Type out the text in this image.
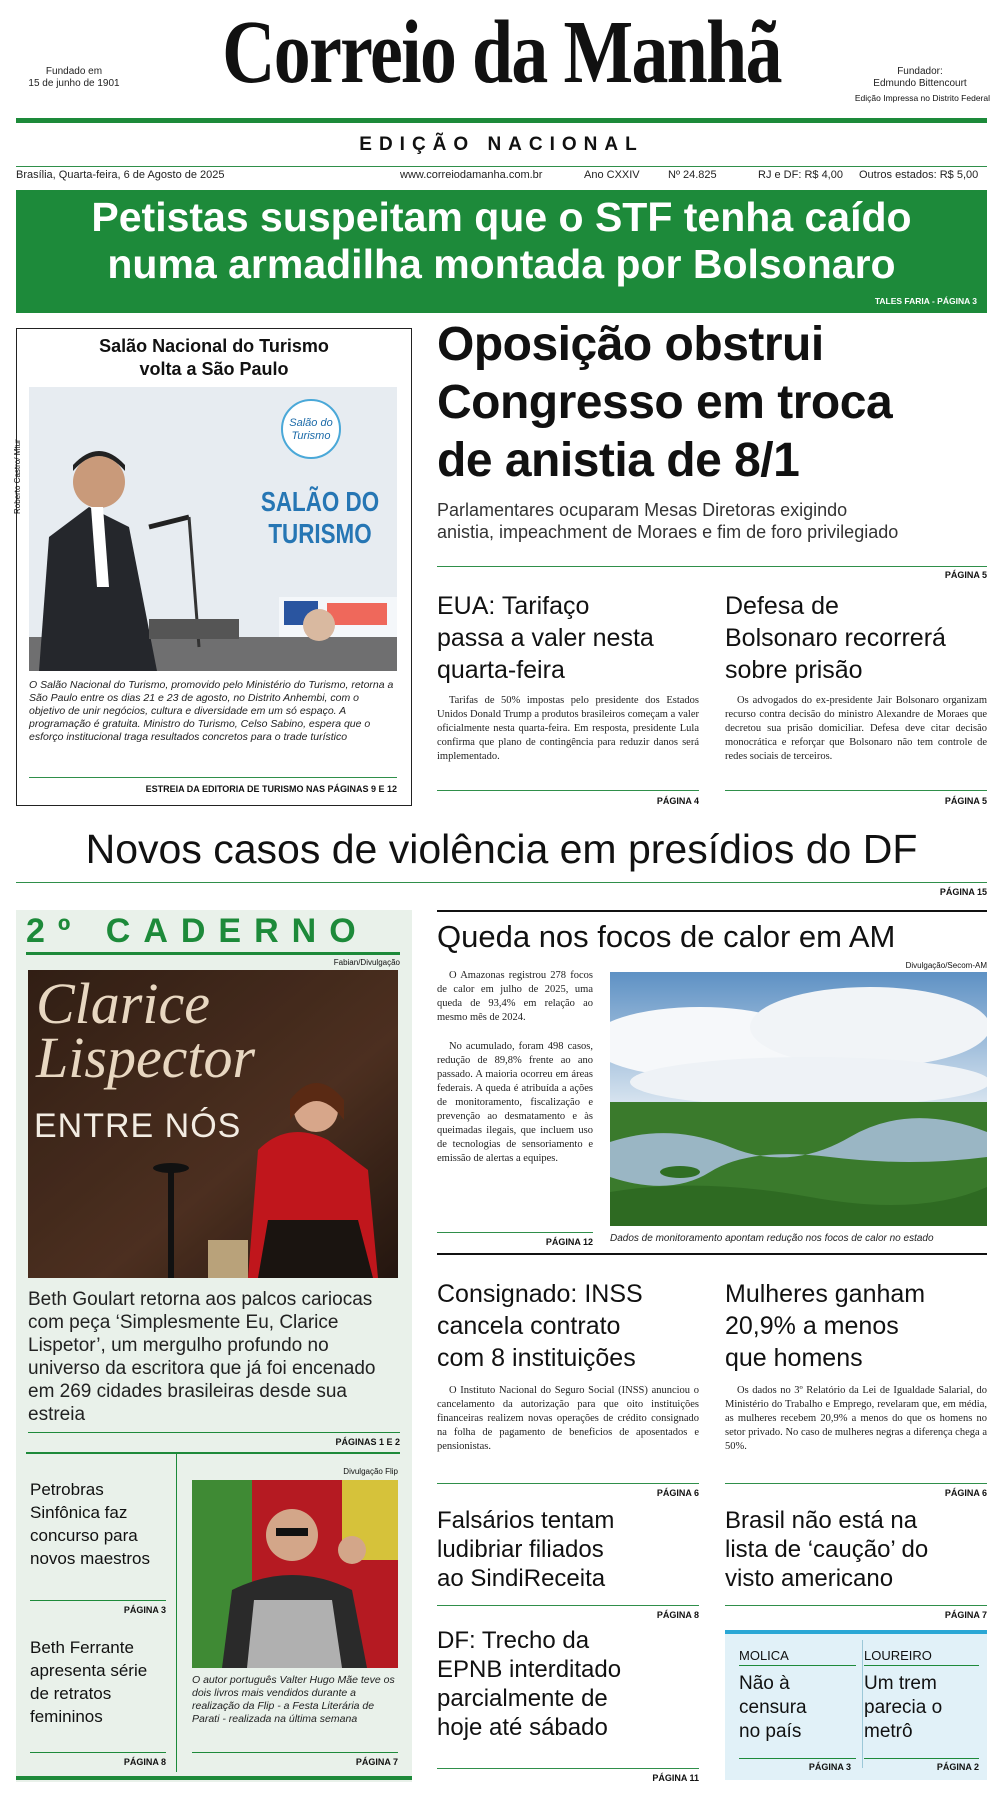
Fundado em
15 de junho de 1901	Correio da Manhã	Fundador:
Edmundo Bittencourt
Edição Impressa no Distrito Federal
EDIÇÃO NACIONAL
Brasília, Quarta-feira, 6 de Agosto de 2025	www.correiodamanha.com.br	Ano CXXIV	Nº 24.825	RJ e DF: R$ 4,00 Outros estados: R$ 5,00
Petistas suspeitam que o STF tenha caído
numa armadilha montada por Bolsonaro
TALES FARIA - PÁGINA 3
Salão Nacional do Turismo
volta a São Paulo
Roberto Castro/ Mtur
Salão do Turismo
SALÃO DO
TURISMO
O Salão Nacional do Turismo, promovido pelo Ministério do Turismo, retorna a São Paulo entre os dias 21 e 23 de agosto, no Distrito Anhembi, com o objetivo de unir negócios, cultura e diversidade em um só espaço. A programação é gratuita. Ministro do Turismo, Celso Sabino, espera que o esforço institucional traga resultados concretos para o trade turístico
ESTREIA DA EDITORIA DE TURISMO NAS PÁGINAS 9 E 12
Oposição obstrui
Congresso em troca
de anistia de 8/1
Parlamentares ocuparam Mesas Diretoras exigindo
anistia, impeachment de Moraes e fim de foro privilegiado
PÁGINA 5
EUA: Tarifaço
passa a valer nesta
quarta-feira
Tarifas de 50% impostas pelo presidente dos Estados Unidos Donald Trump a produtos brasileiros começam a valer oficialmente nesta quarta-feira. Em resposta, presidente Lula confirma que plano de contingência para reduzir danos será implementado.
PÁGINA 4
Defesa de
Bolsonaro recorrerá
sobre prisão
Os advogados do ex-presidente Jair Bolsonaro organizam recurso contra decisão do ministro Alexandre de Moraes que decretou sua prisão domiciliar. Defesa deve citar decisão monocrática e reforçar que Bolsonaro não tem controle de redes sociais de terceiros.
PÁGINA 5
Novos casos de violência em presídios do DF
PÁGINA 15
2º CADERNO
Fabian/Divulgação
Clarice
Lispector
ENTRE NÓS
Beth Goulart retorna aos palcos cariocas com peça ‘Simplesmente Eu, Clarice Lispetor’, um mergulho profundo no universo da escritora que já foi encenado em 269 cidades brasileiras desde sua estreia
PÁGINAS 1 E 2
Petrobras Sinfônica faz concurso para novos maestros
PÁGINA 3
Beth Ferrante apresenta série de retratos femininos
PÁGINA 8
Divulgação Flip
O autor português Valter Hugo Mãe teve os dois livros mais vendidos durante a realização da Flip - a Festa Literária de Parati - realizada na última semana
PÁGINA 7
Queda nos focos de calor em AM
Divulgação/Secom-AM
O Amazonas registrou 278 focos de calor em julho de 2025, uma queda de 93,4% em relação ao mesmo mês de 2024.
No acumulado, foram 498 casos, redução de 89,8% frente ao ano passado. A maioria ocorreu em áreas federais. A queda é atribuída a ações de monitoramento, fiscalização e prevenção ao desmatamento e às queimadas ilegais, que incluem uso de tecnologias de sensoriamento e emissão de alertas a equipes.
PÁGINA 12 Dados de monitoramento apontam redução nos focos de calor no estado
Consignado: INSS
cancela contrato
com 8 instituições
O Instituto Nacional do Seguro Social (INSS) anunciou o cancelamento da autorização para que oito instituições financeiras realizem novas operações de crédito consignado na folha de pagamento de beneficios de aposentados e pensionistas.
PÁGINA 6
Mulheres ganham
20,9% a menos
que homens
Os dados no 3º Relatório da Lei de Igualdade Salarial, do Ministério do Trabalho e Emprego, revelaram que, em média, as mulheres recebem 20,9% a menos do que os homens no setor privado. No caso de mulheres negras a diferença chega a 50%.
PÁGINA 6
Falsários tentam
ludibriar filiados
ao SindiReceita
PÁGINA 8
Brasil não está na
lista de ‘caução’ do
visto americano
PÁGINA 7
DF: Trecho da
EPNB interditado
parcialmente de
hoje até sábado
PÁGINA 11
MOLICA
Não à
censura
no país
PÁGINA 3
LOUREIRO
Um trem
parecia o
metrô
PÁGINA 2
